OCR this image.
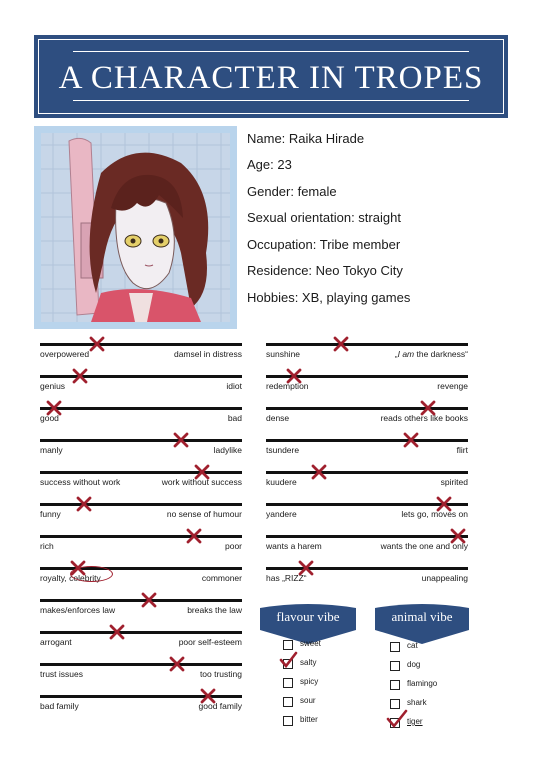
A CHARACTER IN TROPES
Name: Raika Hirade
Age: 23
Gender: female
Sexual orientation: straight
Occupation: Tribe member
Residence: Neo Tokyo City
Hobbies: XB, playing games
overpowered	damsel in distress
genius	idiot
good	bad
manly	ladylike
success without work	work without success
funny	no sense of humour
rich	poor
royalty, celebrity	commoner
makes/enforces law	breaks the law
arrogant	poor self-esteem
trust issues	too trusting
bad family	good family
sunshine	„I am the darkness“
redemption	revenge
dense	reads others like books
tsundere	flirt
kuudere	spirited
yandere	lets go, moves on
wants a harem	wants the one and only
has „RIZZ“	unappealing
flavour vibe	animal vibe
sweet
salty
spicy
sour
bitter
cat
dog
flamingo
shark
tiger
